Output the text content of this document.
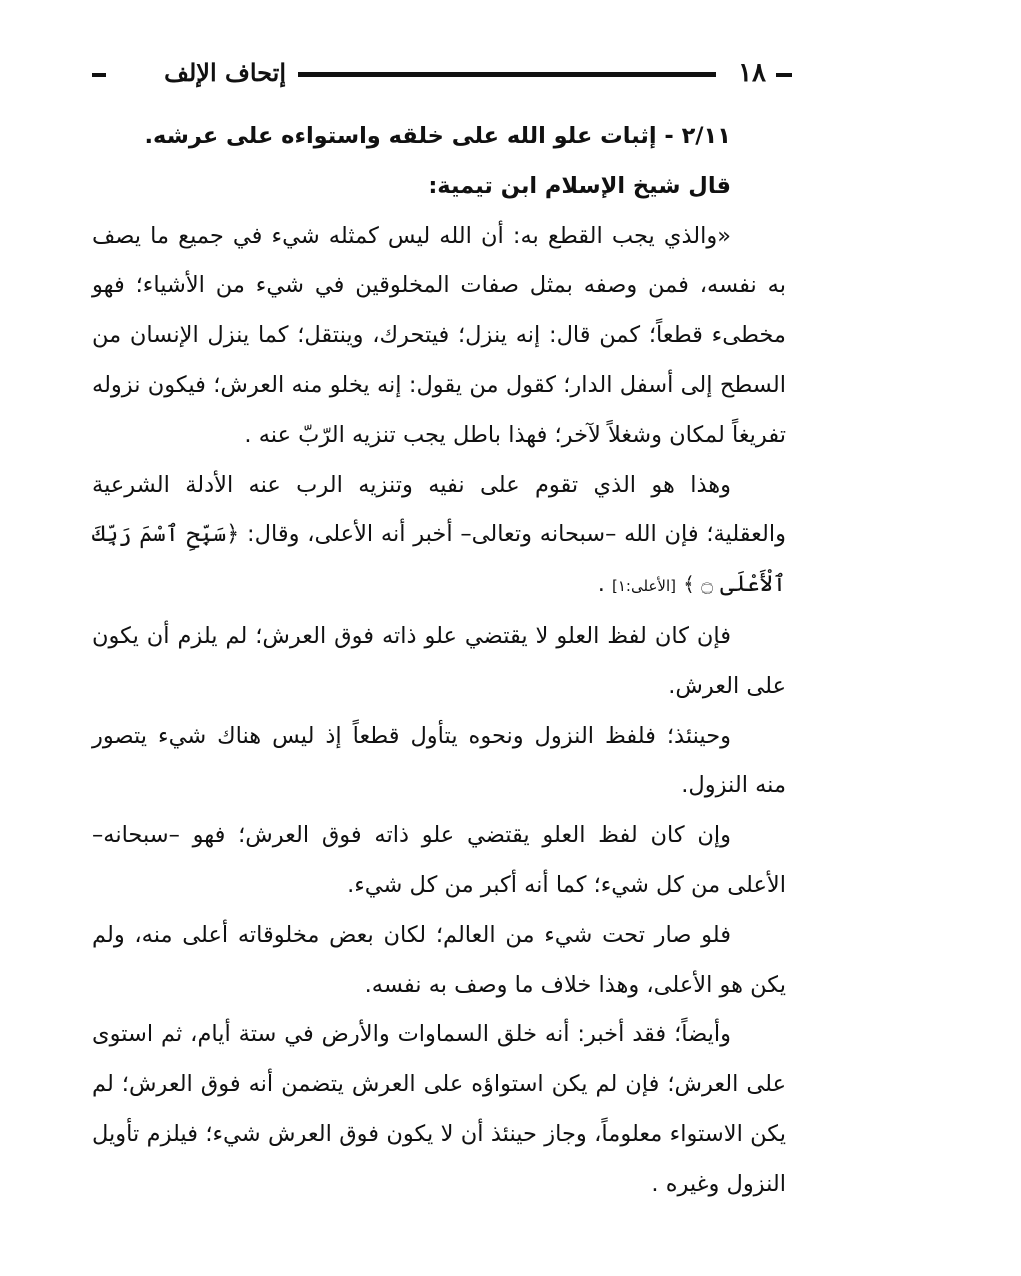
١٨
إتحاف الإلف

٢/١١ - إثبات علو الله على خلقه واستواءه على عرشه.

قال شيخ الإسلام ابن تيمية:

«والذي يجب القطع به: أن الله ليس كمثله شيء في جميع ما يصف به نفسه، فمن وصفه بمثل صفات المخلوقين في شيء من الأشياء؛ فهو مخطىء قطعاً؛ كمن قال: إنه ينزل؛ فيتحرك، وينتقل؛ كما ينزل الإنسان من السطح إلى أسفل الدار؛ كقول من يقول: إنه يخلو منه العرش؛ فيكون نزوله تفريغاً لمكان وشغلاً لآخر؛ فهذا باطل يجب تنزيه الرّبّ عنه .

وهذا هو الذي تقوم على نفيه وتنزيه الرب عنه الأدلة الشرعية والعقلية؛ فإن الله –سبحانه وتعالى– أخبر أنه الأعلى، وقال: ﴿سَبِّحِ ٱسْمَ رَبِّكَ ٱلْأَعْلَى ۝ ﴾ [الأعلى:١] .

فإن كان لفظ العلو لا يقتضي علو ذاته فوق العرش؛ لم يلزم أن يكون على العرش.

وحينئذ؛ فلفظ النزول ونحوه يتأول قطعاً إذ ليس هناك شيء يتصور منه النزول.

وإن كان لفظ العلو يقتضي علو ذاته فوق العرش؛ فهو –سبحانه– الأعلى من كل شيء؛ كما أنه أكبر من كل شيء.

فلو صار تحت شيء من العالم؛ لكان بعض مخلوقاته أعلى منه، ولم يكن هو الأعلى، وهذا خلاف ما وصف به نفسه.

وأيضاً؛ فقد أخبر: أنه خلق السماوات والأرض في ستة أيام، ثم استوى على العرش؛ فإن لم يكن استواؤه على العرش يتضمن أنه فوق العرش؛ لم يكن الاستواء معلوماً، وجاز حينئذ أن لا يكون فوق العرش شيء؛ فيلزم تأويل النزول وغيره .
